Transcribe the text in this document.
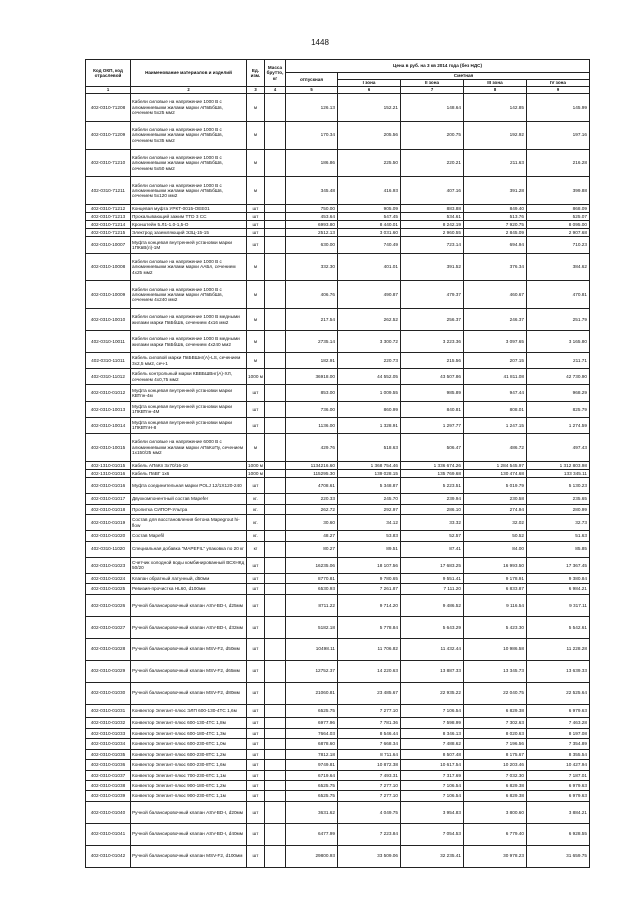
1448
Код ОКП, код отраслевой	Наименование материалов и изделий	Ед. изм.	Масса брутто, кг	Цена в руб. на 3 кв 2014 года (без НДС)				
				отпускная	Сметная			
					I зона	II зона	III зона	IV зона
1	2	3	4	5	6	7	8	9
402-0310-71208	Кабели силовые на напряжение 1000 В с алюминиевыми жилами марки АПвБбШв, сечением 5х25 мм2	м		126.13	152.21	148.64	142.85	145.99
402-0310-71209	Кабели силовые на напряжение 1000 В с алюминиевыми жилами марки АПвБбШв, сечением 5х35 мм2	м		170.34	205.56	200.75	192.92	197.16
402-0310-71210	Кабели силовые на напряжение 1000 В с алюминиевыми жилами марки АПвБбШв, сечением 5х50 мм2	м		186.86	225.50	220.21	211.63	216.28
402-0310-71211	Кабели силовые на напряжение 1000 В с алюминиевыми жилами марки АПвБбШв, сечением 5х120 мм2	м		345.48	416.93	407.16	391.28	399.88
402-0310-71212	Концевая муфта УРКТ-0015-OEE01	шт		750.00	905.09	883.88	849.40	868.09
402-0310-71213	Прокалывающий зажим TTD 3 CC	шт		453.64	547.45	534.61	513.76	525.07
402-0310-71214	Кронштейн 5.Л1-1.0-1,5-О	шт		6993.80	8 440.01	8 242.19	7 920.75	8 095.00
402-0310-71215	Электрод заземляющий ЭЗЦ-15-15	шт		2512.13	3 031.60	2 960.55	2 845.09	2 907.68
402-0310-10007	Муфта концевая внутренней установки марки 1ПКвВ(л)-1М	шт		630.00	740.49	723.14	694.94	710.23
402-0310-10008	Кабели силовые на напряжение 1000 В с алюминиевыми жилами марки ААБл, сечением 4х25 мм2	м		332.30	401.01	391.52	376.34	384.62
402-0310-10009	Кабели силовые на напряжение 1000 В с алюминиевыми жилами марки АПвБбШв, сечением 4х240 мм2	м		406.76	490.87	479.37	460.67	470.81
402-0310-10010	Кабели силовые на напряжение 1000 В медными жилами марки ПвБбШв, сечением 4х16 мм2	м		217.54	262.52	256.37	246.37	251.79
402-0310-10011	Кабели силовые на напряжение 1000 В медными жилами марки ПвБбШв, сечением 4х240 мм2	м		2735.14	3 300.72	3 223.36	3 097.65	3 165.80
402-0310-11011	Кабель силовой марки ПвБВШнг(А)-LS, сечением 3х2,5 мм2, сеч-1	м		182.91	220.73	215.56	207.15	211.71
402-0310-11012	Кабель контрольный марки КВВБШВнг(А)-ХЛ, сечением 4х0,75 мм2	1000 м		36918.00	44 552.05	43 507.86	41 811.08	42 730.90
402-0310-01012	Муфта концевая внутренней установки марки КВТпн-4м	шт		853.00	1 009.55	985.89	947.44	968.29
402-0310-10013	Муфта концевая внутренней установки марки 1ПКВТпн-4М	шт		736.00	860.99	840.81	808.01	825.79
402-0310-10014	Муфта концевая внутренней установки марки 1ПКВТпН-8	шт		1136.00	1 328.91	1 297.77	1 247.15	1 274.59
402-0310-10015	Кабели силовые на напряжение 6000 В с алюминиевыми жилами марки АПвКоПу, сечением 1х150/25 мм2	м		429.76	518.63	506.47	486.72	497.43
402-1310-01015	Кабель АПвКп 3х70/16-10	1000 м		1134216.60	1 368 754.46	1 336 674.26	1 284 545.97	1 312 803.98
402-1310-01016	Кабель ПвВГ 1х6	1000 м		115295.30	139 028.15	135 769.68	130 474.68	133 345.11
402-0310-01016	Муфта соединительная марки POLJ 12/1Х120-240	шт		4708.61	5 348.87	5 223.51	5 019.79	5 130.23
402-0310-01017	Двухкомпонентный состав Mapefer	кг.		220.33	245.70	239.94	230.58	235.65
402-0310-01018	Пропитка СИПОР-Ультра	кг.		262.72	292.97	286.10	274.94	280.99
402-0310-01019	Состав для восстановления бетона Mapegrout hi-flow	кг.		30.60	34.12	33.32	32.02	32.73
402-0310-01020	Состав Mapefil	кг.		48.27	53.83	52.57	50.52	51.63
402-0310-11020	Специальная добавка "MAPEFIL" упаковка по 20 кг	кг		80.27	89.51	87.41	84.00	85.85
402-0310-01023	Счетчик холодной воды комбинированный ВСХНКд 50/20	шт		16235.06	18 107.56	17 683.25	16 993.50	17 367.45
402-0310-01024	Клапан обратный латунный, d50мм	шт		8770.81	9 780.65	9 551.41	9 178.91	9 380.84
402-0310-01025	Ревизия-прочистка HL60, d100мм	шт		6530.93	7 261.87	7 111.20	6 833.87	6 984.21
402-0310-01026	Ручной балансировочный клапан ASV-BD-I, d25мм	шт		8711.22	9 714.20	9 486.52	9 116.54	9 317.11
402-0310-01027	Ручной балансировочный клапан ASV-BD-I, d32мм	шт		5182.18	5 778.84	5 643.29	5 423.30	5 542.61
402-0310-01028	Ручной балансировочный клапан MSV-F2, d50мм	шт		10498.11	11 706.82	11 432.44	10 986.58	11 228.28
402-0310-01029	Ручной балансировочный клапан MSV-F2, d65мм	шт		12752.37	14 220.63	13 887.33	13 345.73	13 639.33
402-0310-01030	Ручной балансировочный клапан MSV-F2, d80мм	шт		21060.81	23 485.67	22 935.22	22 040.75	22 525.64
402-0310-01031	Конвектор Элегант-плюс ЭЛП 600-130-4ТС 1,6м	шт		6525.75	7 277.10	7 106.54	6 829.38	6 979.63
402-0310-01032	Конвектор Элегант-плюс 600-130-4ТС 1,8м	шт		6977.96	7 781.36	7 598.99	7 302.63	7 463.28
402-0310-01033	Конвектор Элегант-плюс 600-180-4ТС 1,3м	шт		7664.03	8 546.44	8 346.13	8 020.63	8 197.08
402-0310-01034	Конвектор Элегант-плюс 600-230-6ТС 1,0м	шт		6878.60	7 668.34	7 488.62	7 196.56	7 354.89
402-0310-01035	Конвектор Элегант-плюс 600-230-8ТС 1,2м	шт		7812.18	8 711.64	8 507.48	8 175.67	8 355.54
402-0310-01036	Конвектор Элегант-плюс 600-230-8ТС 1,6м	шт		9749.81	10 872.38	10 617.54	10 203.46	10 427.94
402-0310-01037	Конвектор Элегант-плюс 700-230-6ТС 1,1м	шт		6719.64	7 493.31	7 317.69	7 032.30	7 187.01
402-0310-01038	Конвектор Элегант-плюс 900-180-6ТС 1,2м	шт		6525.75	7 277.10	7 106.54	6 829.38	6 979.63
402-0310-01039	Конвектор Элегант-плюс 900-230-6ТС 1,1м	шт		6525.75	7 277.10	7 106.54	6 829.38	6 979.63
402-0310-01040	Ручной балансировочный клапан ASV-BD-I, d20мм	шт		3631.62	4 049.75	3 954.83	3 800.60	3 884.21
402-0310-01041	Ручной балансировочный клапан ASV-BD-I, d40мм	шт		6477.99	7 223.84	7 054.53	6 779.40	6 928.55
402-0310-01042	Ручной балансировочный клапан MSV-F2, d100мм	шт		29800.93	33 509.06	32 235.41	30 978.23	31 659.75
